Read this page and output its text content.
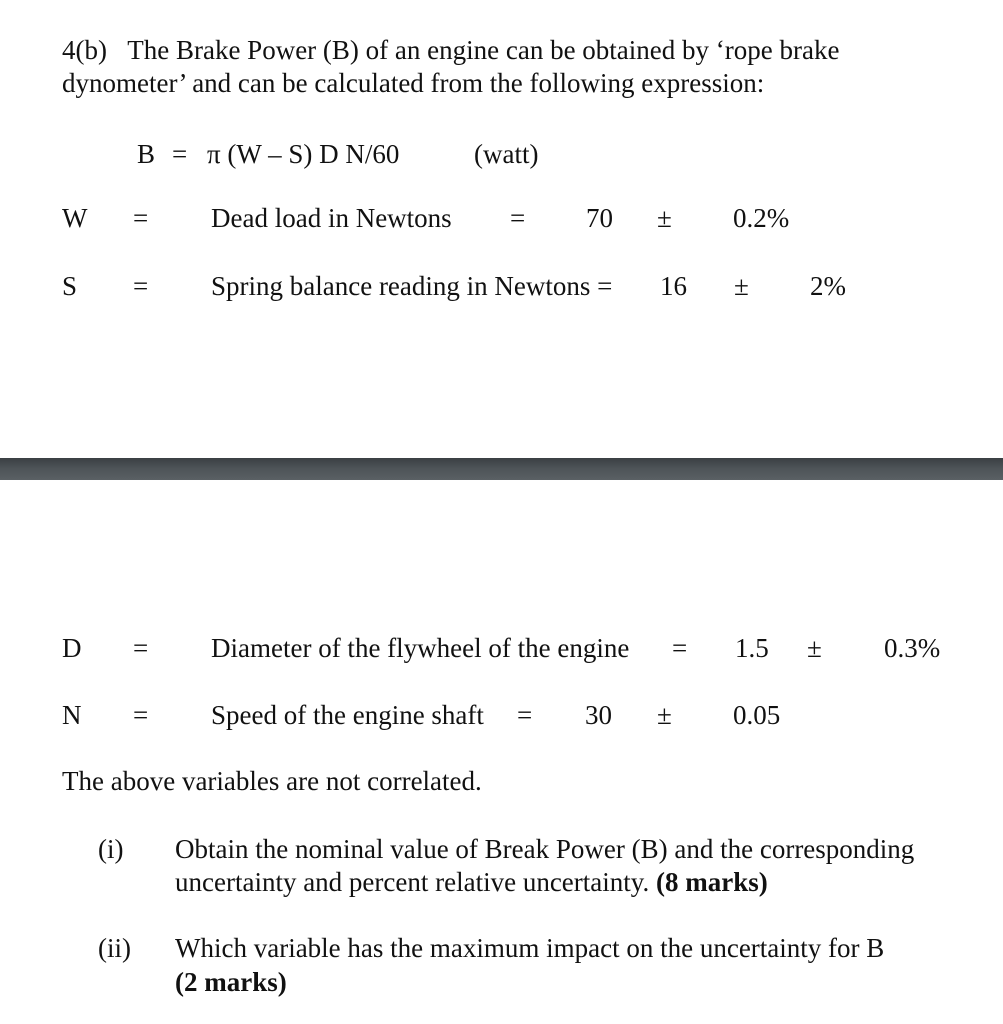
4(b) The Brake Power (B) of an engine can be obtained by ‘rope brake
dynometer’ and can be calculated from the following expression:
B = π (W – S) D N/60	(watt)
W = Dead load in Newtons = 70 ± 0.2%
S = Spring balance reading in Newtons = 16 ± 2%
D = Diameter of the flywheel of the engine = 1.5 ± 0.3%
N = Speed of the engine shaft = 30 ± 0.05
The above variables are not correlated.
(i) Obtain the nominal value of Break Power (B) and the corresponding
uncertainty and percent relative uncertainty. (8 marks)
(ii) Which variable has the maximum impact on the uncertainty for B
(2 marks)
